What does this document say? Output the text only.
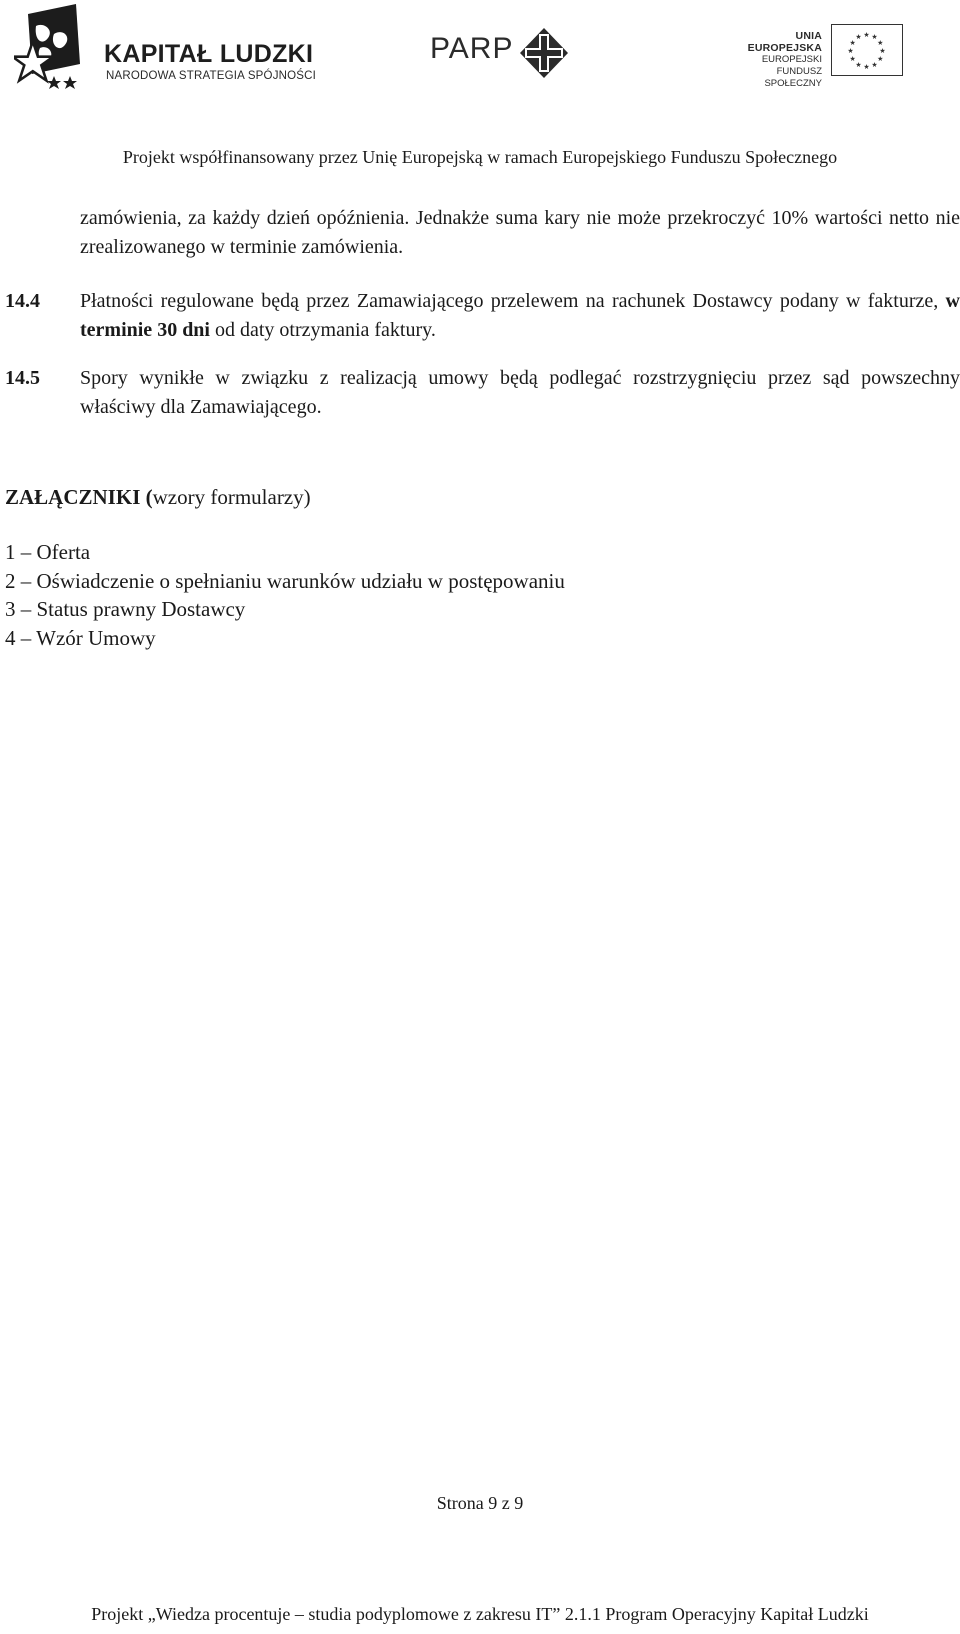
KAPITAŁ LUDZKI
NARODOWA STRATEGIA SPÓJNOŚCI
PARP	UNIA EUROPEJSKA
EUROPEJSKI
FUNDUSZ SPOŁECZNY
★ ★
★
★
★
★
★
★
★
★
★
★
Projekt współfinansowany przez Unię Europejską w ramach Europejskiego Funduszu Społecznego
zamówienia, za każdy dzień opóźnienia. Jednakże suma kary nie może przekroczyć 10% wartości netto nie zrealizowanego w terminie zamówienia.
14.4 Płatności regulowane będą przez Zamawiającego przelewem na rachunek Dostawcy podany w fakturze, w terminie 30 dni od daty otrzymania faktury.
14.5 Spory wynikłe w związku z realizacją umowy będą podlegać rozstrzygnięciu przez sąd powszechny właściwy dla Zamawiającego.
ZAŁĄCZNIKI (wzory formularzy)
1 – Oferta
2 – Oświadczenie o spełnianiu warunków udziału w postępowaniu
3 – Status prawny Dostawcy
4 – Wzór Umowy
Strona 9 z 9
Projekt „Wiedza procentuje – studia podyplomowe z zakresu IT” 2.1.1 Program Operacyjny Kapitał Ludzki
